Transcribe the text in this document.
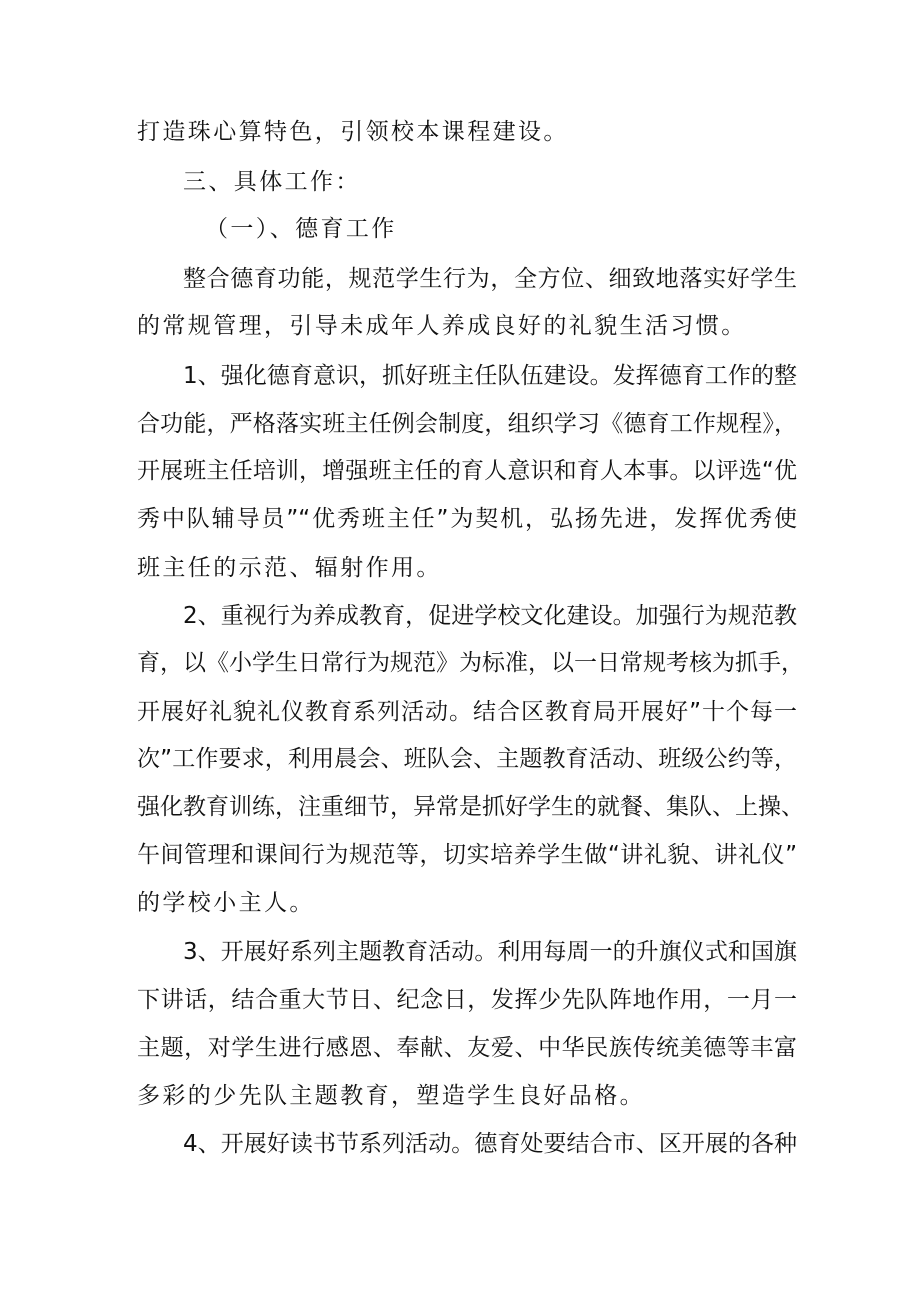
打造珠心算特色，引领校本课程建设。
三、具体工作：
（一）、德育工作
整合德育功能，规范学生行为，全方位、细致地落实好学生
的常规管理，引导未成年人养成良好的礼貌生活习惯。
1、强化德育意识，抓好班主任队伍建设。发挥德育工作的整
合功能，严格落实班主任例会制度，组织学习《德育工作规程》，
开展班主任培训，增强班主任的育人意识和育人本事。以评选“优
秀中队辅导员”“优秀班主任”为契机，弘扬先进，发挥优秀使
班主任的示范、辐射作用。
2、重视行为养成教育，促进学校文化建设。加强行为规范教
育，以《小学生日常行为规范》为标准，以一日常规考核为抓手，
开展好礼貌礼仪教育系列活动。结合区教育局开展好”十个每一
次”工作要求，利用晨会、班队会、主题教育活动、班级公约等，
强化教育训练，注重细节，异常是抓好学生的就餐、集队、上操、
午间管理和课间行为规范等，切实培养学生做“讲礼貌、讲礼仪”
的学校小主人。
3、开展好系列主题教育活动。利用每周一的升旗仪式和国旗
下讲话，结合重大节日、纪念日，发挥少先队阵地作用，一月一
主题，对学生进行感恩、奉献、友爱、中华民族传统美德等丰富
多彩的少先队主题教育，塑造学生良好品格。
4、开展好读书节系列活动。德育处要结合市、区开展的各种
